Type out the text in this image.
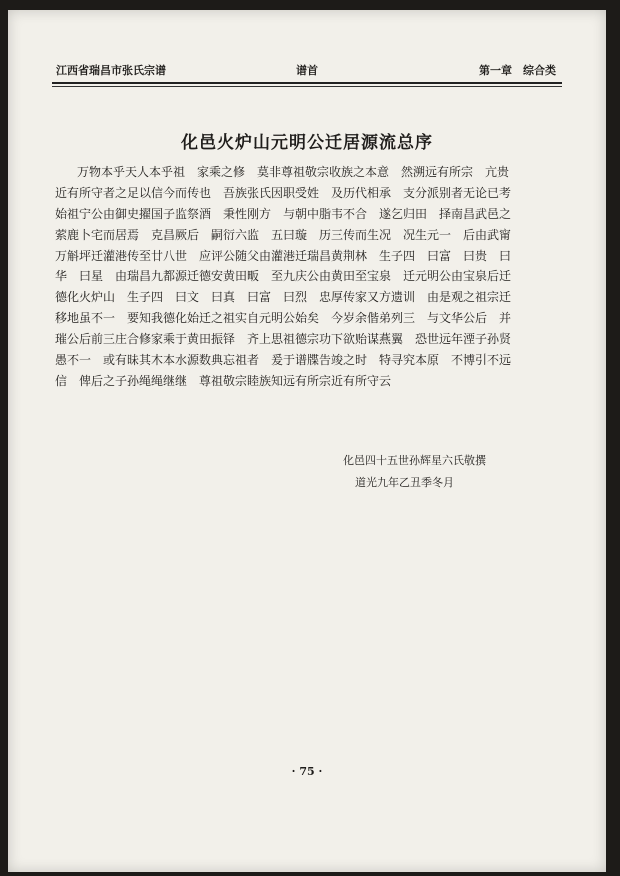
江西省瑞昌市张氏宗谱	谱首	第一章　综合类
化邑火炉山元明公迁居源流总序
万物本乎天人本乎祖　家乘之修　莫非尊祖敬宗收族之本意　然溯远有所宗　亢贵
近有所守者之足以信今而传也　吾族张氏因职受姓　及历代相承　支分派别者无论已考
始祖宁公由御史擢国子监祭酒　秉性刚方　与朝中脂韦不合　遂乞归田　择南昌武邑之
萦鹿卜宅而居焉　克昌厥后　嗣衍六监　五曰璇　历三传而生况　况生元一　后由武甯
万斛坪迁灌港传至廿八世　应评公随父由灌港迁瑞昌黄荆林　生子四　曰富　曰贵　曰
华　曰星　由瑞昌九都源迁德安黄田畈　至九庆公由黄田至宝泉　迁元明公由宝泉后迁
德化火炉山　生子四　曰文　曰真　曰富　曰烈　忠厚传家又方遗训　由是观之祖宗迁
移地虽不一　要知我德化始迁之祖实自元明公始矣　今岁余偕弟列三　与文华公后　并
璀公后前三庄合修家乘于黄田振铎　齐上思祖德宗功下欲贻谋燕翼　恐世远年湮子孙贤
愚不一　或有昧其木本水源数典忘祖者　爰于谱牒告竣之时　特寻究本原　不博引不远
信　俾后之子孙绳绳继继　尊祖敬宗睦族知远有所宗近有所守云
化邑四十五世孙辉星六氏敬撰
道光九年乙丑季冬月
· 75 ·
